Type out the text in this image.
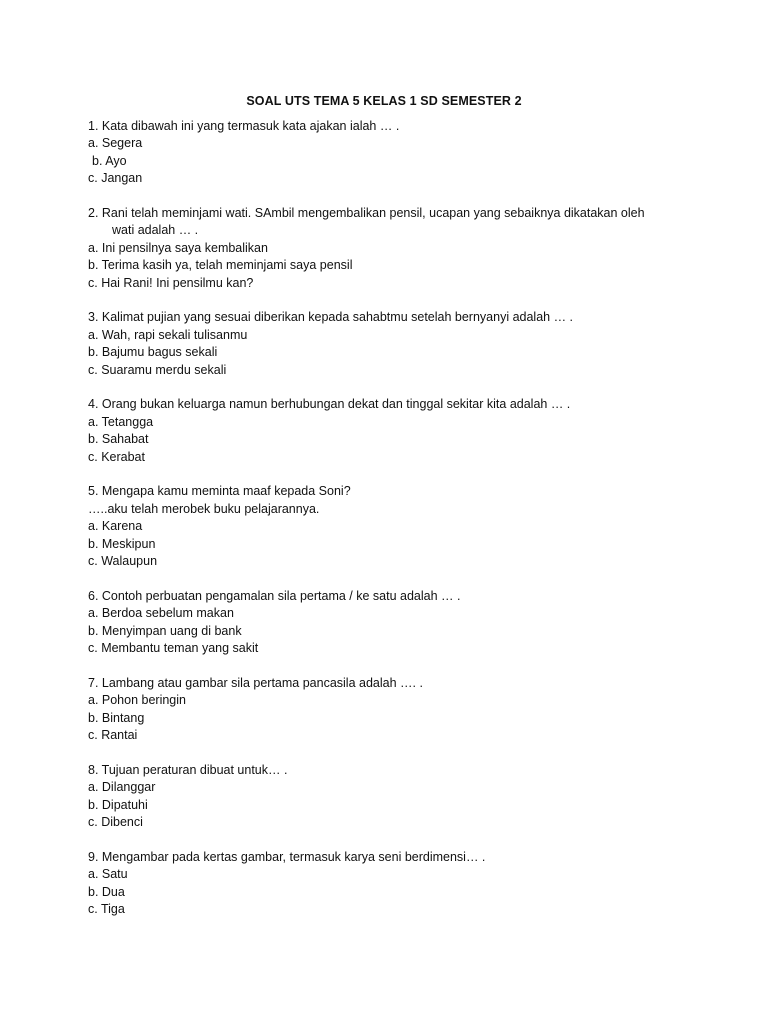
SOAL UTS TEMA 5 KELAS 1 SD SEMESTER 2

1. Kata dibawah ini yang termasuk kata ajakan ialah … .

a. Segera

b. Ayo

c. Jangan

2. Rani telah meminjami wati. SAmbil mengembalikan pensil, ucapan yang sebaiknya dikatakan oleh

wati adalah … .

a. Ini pensilnya saya kembalikan

b. Terima kasih ya, telah meminjami saya pensil

c. Hai Rani! Ini pensilmu kan?

3. Kalimat pujian yang sesuai diberikan kepada sahabtmu setelah bernyanyi adalah … .

a. Wah, rapi sekali tulisanmu

b. Bajumu bagus sekali

c. Suaramu merdu sekali

4. Orang bukan keluarga namun berhubungan dekat dan tinggal sekitar kita adalah … .

a. Tetangga

b. Sahabat

c. Kerabat

5. Mengapa kamu meminta maaf kepada Soni?

…..aku telah merobek buku pelajarannya.

a. Karena

b. Meskipun

c. Walaupun

6. Contoh perbuatan pengamalan sila pertama / ke satu adalah … .

a. Berdoa sebelum makan

b. Menyimpan uang di bank

c. Membantu teman yang sakit

7. Lambang atau gambar sila pertama pancasila adalah …. .

a. Pohon beringin

b. Bintang

c. Rantai

8. Tujuan peraturan dibuat untuk… .

a. Dilanggar

b. Dipatuhi

c. Dibenci

9. Mengambar pada kertas gambar, termasuk karya seni berdimensi… .

a. Satu

b. Dua

c. Tiga
